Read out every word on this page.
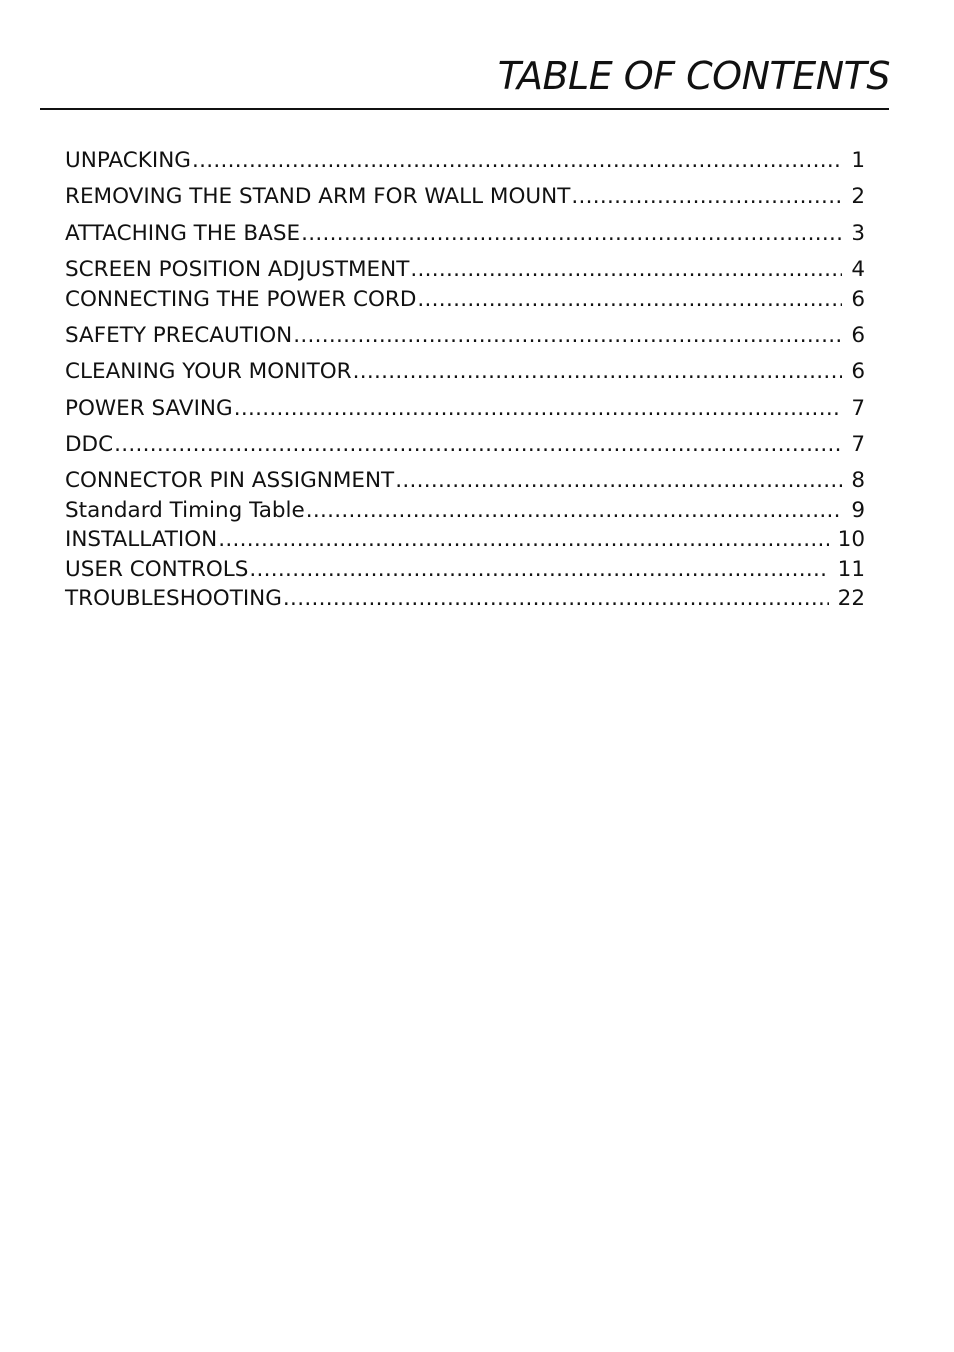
TABLE OF CONTENTS
UNPACKING .....	1
REMOVING THE STAND ARM FOR WALL MOUNT .....	2
ATTACHING THE BASE .....	3
SCREEN POSITION ADJUSTMENT .....	4
CONNECTING THE POWER CORD .....	6
SAFETY PRECAUTION .....	6
CLEANING YOUR MONITOR .....	6
POWER SAVING .....	7
DDC .....	7
CONNECTOR PIN ASSIGNMENT .....	8
Standard Timing Table .....	9
INSTALLATION .....	10
USER CONTROLS .....	11
TROUBLESHOOTING .....	22
